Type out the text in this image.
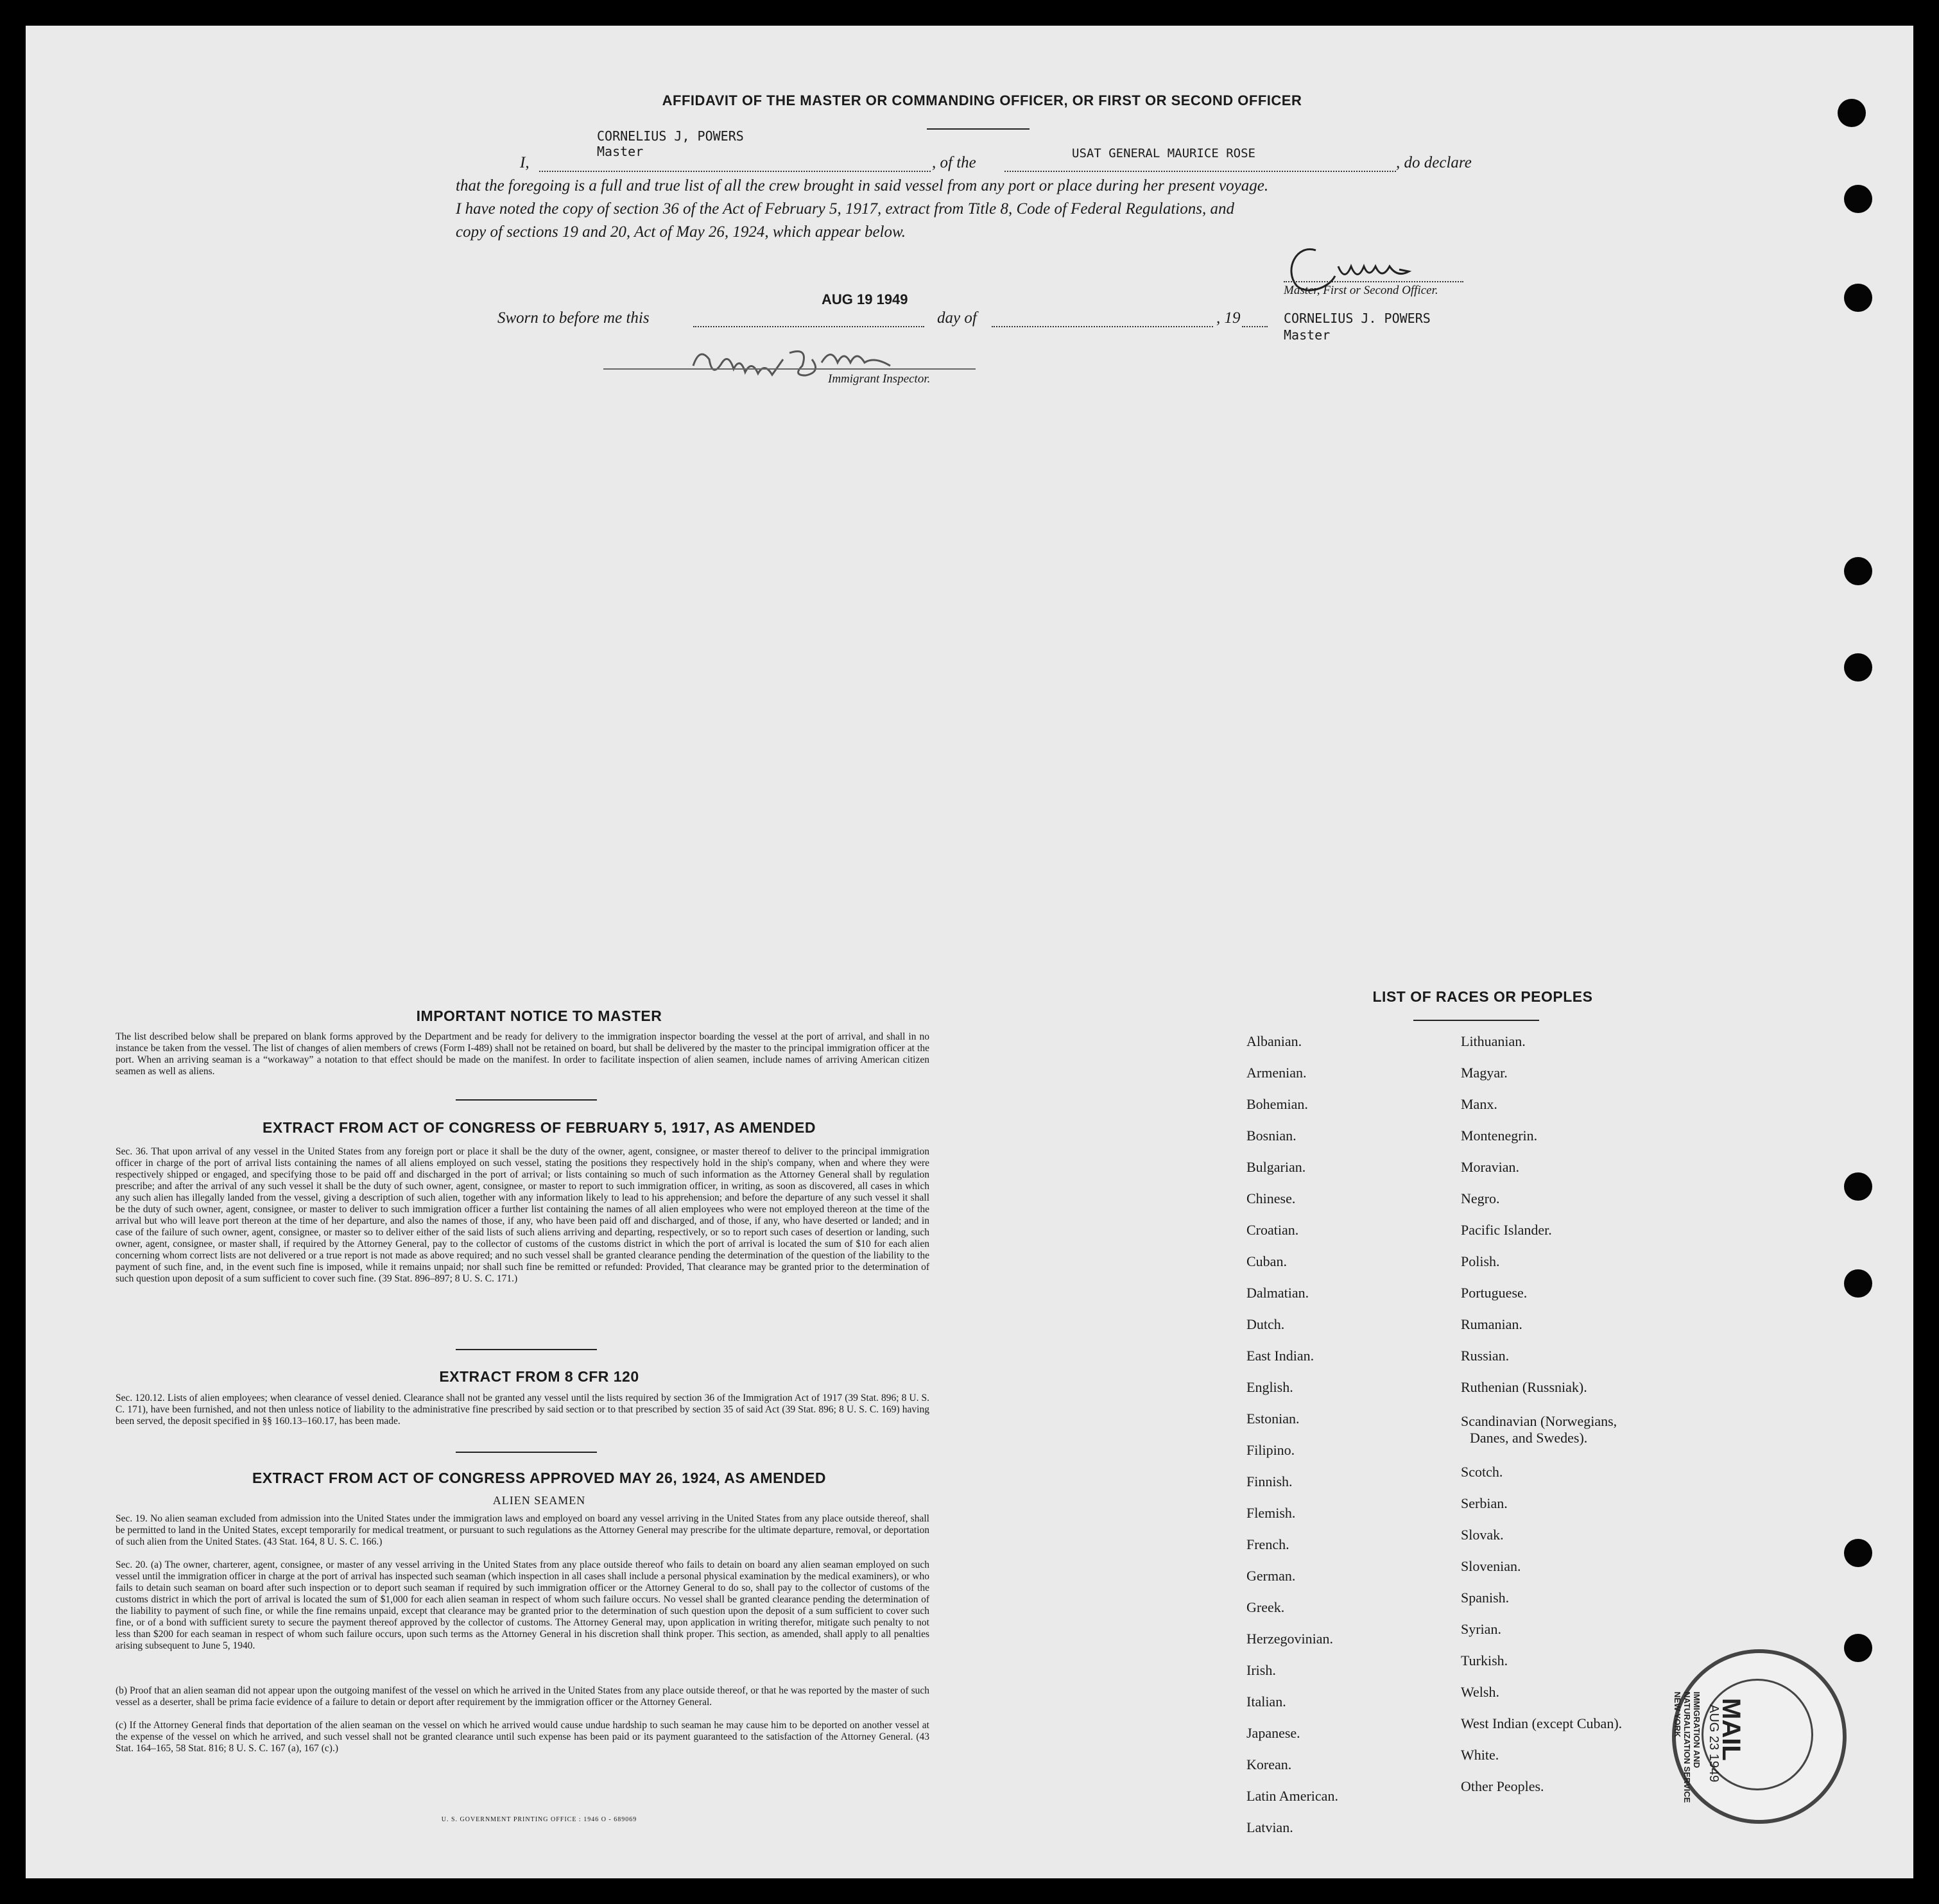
AFFIDAVIT OF THE MASTER OR COMMANDING OFFICER, OR FIRST OR SECOND OFFICER
CORNELIUS J, POWERS
Master
I,	, of the
USAT GENERAL MAURICE ROSE
, do declare
that the foregoing is a full and true list of all the crew brought in said vessel from any port or place during her present voyage.
I have noted the copy of section 36 of the Act of February 5, 1917, extract from Title 8, Code of Federal Regulations, and
copy of sections 19 and 20, Act of May 26, 1924, which appear below.
Master, First or Second Officer.
Sworn to before me this
AUG 19 1949
day of	, 19	CORNELIUS J. POWERS
Master
Immigrant Inspector.
IMPORTANT NOTICE TO MASTER
The list described below shall be prepared on blank forms approved by the Department and be ready for delivery to the immigration inspector boarding the vessel at the port of arrival, and shall in no instance be taken from the vessel. The list of changes of alien members of crews (Form I-489) shall not be retained on board, but shall be delivered by the master to the principal immigration officer at the port. When an arriving seaman is a “workaway” a notation to that effect should be made on the manifest. In order to facilitate inspection of alien seamen, include names of arriving American citizen seamen as well as aliens.
EXTRACT FROM ACT OF CONGRESS OF FEBRUARY 5, 1917, AS AMENDED
Sec. 36. That upon arrival of any vessel in the United States from any foreign port or place it shall be the duty of the owner, agent, consignee, or master thereof to deliver to the principal immigration officer in charge of the port of arrival lists containing the names of all aliens employed on such vessel, stating the positions they respectively hold in the ship's company, when and where they were respectively shipped or engaged, and specifying those to be paid off and discharged in the port of arrival; or lists containing so much of such information as the Attorney General shall by regulation prescribe; and after the arrival of any such vessel it shall be the duty of such owner, agent, consignee, or master to report to such immigration officer, in writing, as soon as discovered, all cases in which any such alien has illegally landed from the vessel, giving a description of such alien, together with any information likely to lead to his apprehension; and before the departure of any such vessel it shall be the duty of such owner, agent, consignee, or master to deliver to such immigration officer a further list containing the names of all alien employees who were not employed thereon at the time of the arrival but who will leave port thereon at the time of her departure, and also the names of those, if any, who have been paid off and discharged, and of those, if any, who have deserted or landed; and in case of the failure of such owner, agent, consignee, or master so to deliver either of the said lists of such aliens arriving and departing, respectively, or so to report such cases of desertion or landing, such owner, agent, consignee, or master shall, if required by the Attorney General, pay to the collector of customs of the customs district in which the port of arrival is located the sum of $10 for each alien concerning whom correct lists are not delivered or a true report is not made as above required; and no such vessel shall be granted clearance pending the determination of the question of the liability to the payment of such fine, and, in the event such fine is imposed, while it remains unpaid; nor shall such fine be remitted or refunded: Provided, That clearance may be granted prior to the determination of such question upon deposit of a sum sufficient to cover such fine. (39 Stat. 896–897; 8 U. S. C. 171.)
EXTRACT FROM 8 CFR 120
Sec. 120.12. Lists of alien employees; when clearance of vessel denied. Clearance shall not be granted any vessel until the lists required by section 36 of the Immigration Act of 1917 (39 Stat. 896; 8 U. S. C. 171), have been furnished, and not then unless notice of liability to the administrative fine prescribed by said section or to that prescribed by section 35 of said Act (39 Stat. 896; 8 U. S. C. 169) having been served, the deposit specified in §§ 160.13–160.17, has been made.
EXTRACT FROM ACT OF CONGRESS APPROVED MAY 26, 1924, AS AMENDED
ALIEN SEAMEN
Sec. 19. No alien seaman excluded from admission into the United States under the immigration laws and employed on board any vessel arriving in the United States from any place outside thereof, shall be permitted to land in the United States, except temporarily for medical treatment, or pursuant to such regulations as the Attorney General may prescribe for the ultimate departure, removal, or deportation of such alien from the United States. (43 Stat. 164, 8 U. S. C. 166.)
Sec. 20. (a) The owner, charterer, agent, consignee, or master of any vessel arriving in the United States from any place outside thereof who fails to detain on board any alien seaman employed on such vessel until the immigration officer in charge at the port of arrival has inspected such seaman (which inspection in all cases shall include a personal physical examination by the medical examiners), or who fails to detain such seaman on board after such inspection or to deport such seaman if required by such immigration officer or the Attorney General to do so, shall pay to the collector of customs of the customs district in which the port of arrival is located the sum of $1,000 for each alien seaman in respect of whom such failure occurs. No vessel shall be granted clearance pending the determination of the liability to payment of such fine, or while the fine remains unpaid, except that clearance may be granted prior to the determination of such question upon the deposit of a sum sufficient to cover such fine, or of a bond with sufficient surety to secure the payment thereof approved by the collector of customs. The Attorney General may, upon application in writing therefor, mitigate such penalty to not less than $200 for each seaman in respect of whom such failure occurs, upon such terms as the Attorney General in his discretion shall think proper. This section, as amended, shall apply to all penalties arising subsequent to June 5, 1940.
(b) Proof that an alien seaman did not appear upon the outgoing manifest of the vessel on which he arrived in the United States from any place outside thereof, or that he was reported by the master of such vessel as a deserter, shall be prima facie evidence of a failure to detain or deport after requirement by the immigration officer or the Attorney General.
(c) If the Attorney General finds that deportation of the alien seaman on the vessel on which he arrived would cause undue hardship to such seaman he may cause him to be deported on another vessel at the expense of the vessel on which he arrived, and such vessel shall not be granted clearance until such expense has been paid or its payment guaranteed to the satisfaction of the Attorney General. (43 Stat. 164–165, 58 Stat. 816; 8 U. S. C. 167 (a), 167 (c).)
U. S. GOVERNMENT PRINTING OFFICE : 1946 O - 689069
LIST OF RACES OR PEOPLES
MAIL
AUG 23 1949
IMMIGRATION AND NATURALIZATION SERVICE
NEW YORK
Albanian.
Armenian.
Bohemian.
Bosnian.
Bulgarian.
Chinese.
Croatian.
Cuban.
Dalmatian.
Dutch.
East Indian.
English.
Estonian.
Filipino.
Finnish.
Flemish.
French.
German.
Greek.
Herzegovinian.
Irish.
Italian.
Japanese.
Korean.
Latin American.
Latvian.
Lithuanian.
Magyar.
Manx.
Montenegrin.
Moravian.
Negro.
Pacific Islander.
Polish.
Portuguese.
Rumanian.
Russian.
Ruthenian (Russniak).
Scandinavian (Norwegians,
Danes, and Swedes).
Scotch.
Serbian.
Slovak.
Slovenian.
Spanish.
Syrian.
Turkish.
Welsh.
West Indian (except Cuban).
White.
Other Peoples.
